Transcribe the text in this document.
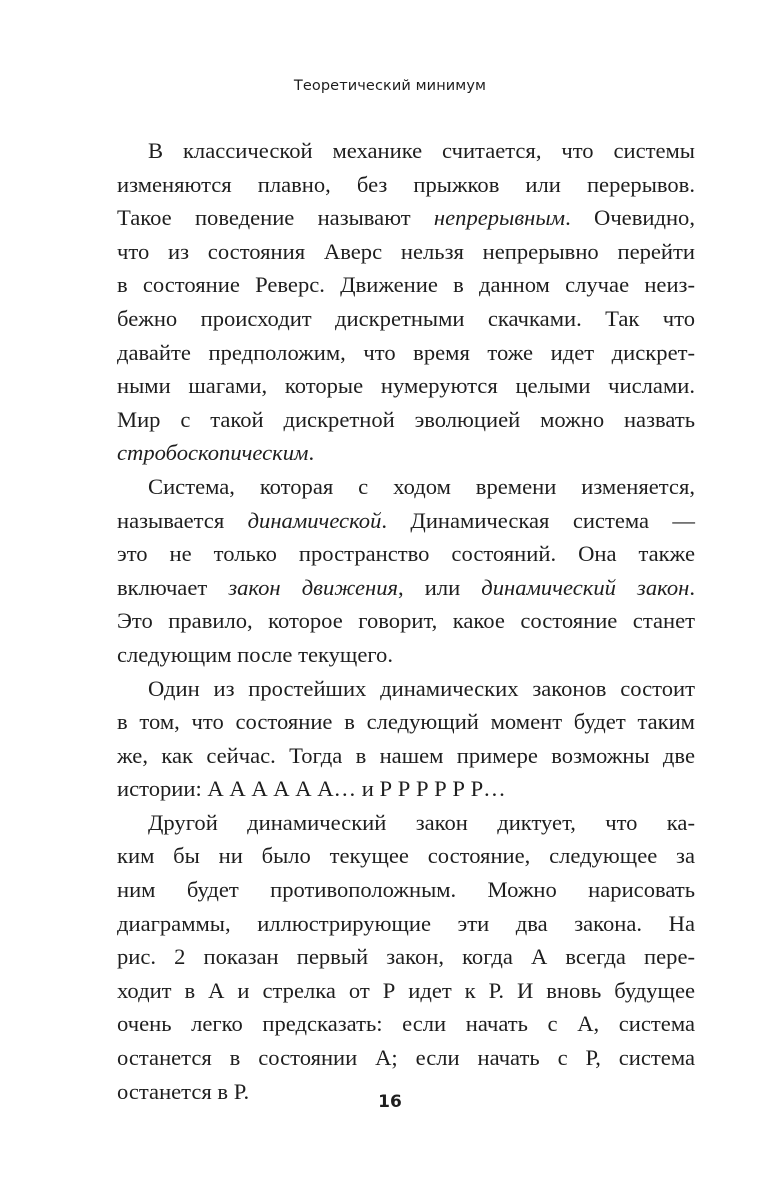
Теоретический минимум
В классической механике считается, что системы
изменяются плавно, без прыжков или перерывов.
Такое поведение называют непрерывным. Очевидно,
что из состояния Аверс нельзя непрерывно перейти
в состояние Реверс. Движение в данном случае неиз-
бежно происходит дискретными скачками. Так что
давайте предположим, что время тоже идет дискрет-
ными шагами, которые нумеруются целыми числами.
Мир с такой дискретной эволюцией можно назвать
стробоскопическим.
Система, которая с ходом времени изменяется,
называется динамической. Динамическая система —
это не только пространство состояний. Она также
включает закон движения, или динамический закон.
Это правило, которое говорит, какое состояние станет
следующим после текущего.
Один из простейших динамических законов состоит
в том, что состояние в следующий момент будет таким
же, как сейчас. Тогда в нашем примере возможны две
истории: А А А А А А… и Р Р Р Р Р Р…
Другой динамический закон диктует, что ка-
ким бы ни было текущее состояние, следующее за
ним будет противоположным. Можно нарисовать
диаграммы, иллюстрирующие эти два закона. На
рис. 2 показан первый закон, когда А всегда пере-
ходит в А и стрелка от Р идет к Р. И вновь будущее
очень легко предсказать: если начать с А, система
останется в состоянии А; если начать с Р, система
останется в Р.	16
